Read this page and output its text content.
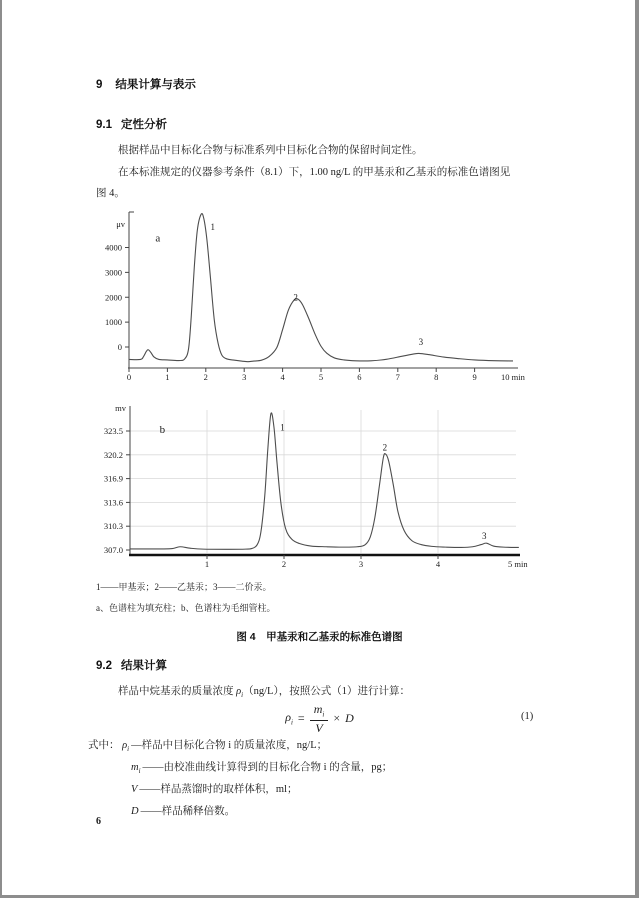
9 结果计算与表示
9.1 定性分析
根据样品中目标化合物与标准系列中目标化合物的保留时间定性。
在本标准规定的仪器参考条件（8.1）下，1.00 ng/L 的甲基汞和乙基汞的标准色谱图见
图 4。
0
1000
2000
3000
4000
0	1	2	3	4	5	6	7	8	9	10 min
μv
a
1
2
3
307.0
310.3
313.6
316.9
320.2
323.5
1	2	3	4	5 min
mv
b	1
2
3
1——甲基汞；2——乙基汞；3——二价汞。
a、色谱柱为填充柱；b、色谱柱为毛细管柱。
图 4　甲基汞和乙基汞的标准色谱图
9.2 结果计算
样品中烷基汞的质量浓度 $\rho_i(ng/L)$，按照公式（1）进行计算：
$\rho_i = \frac{m_i}{V} \times D$	(1)
式中： $\rho_i$ —样品中目标化合物 i 的质量浓度，ng/L；
$m_i$ ——由校准曲线计算得到的目标化合物 i 的含量，pg；
V ——样品蒸馏时的取样体积，ml；
D ——样品稀释倍数。
6
